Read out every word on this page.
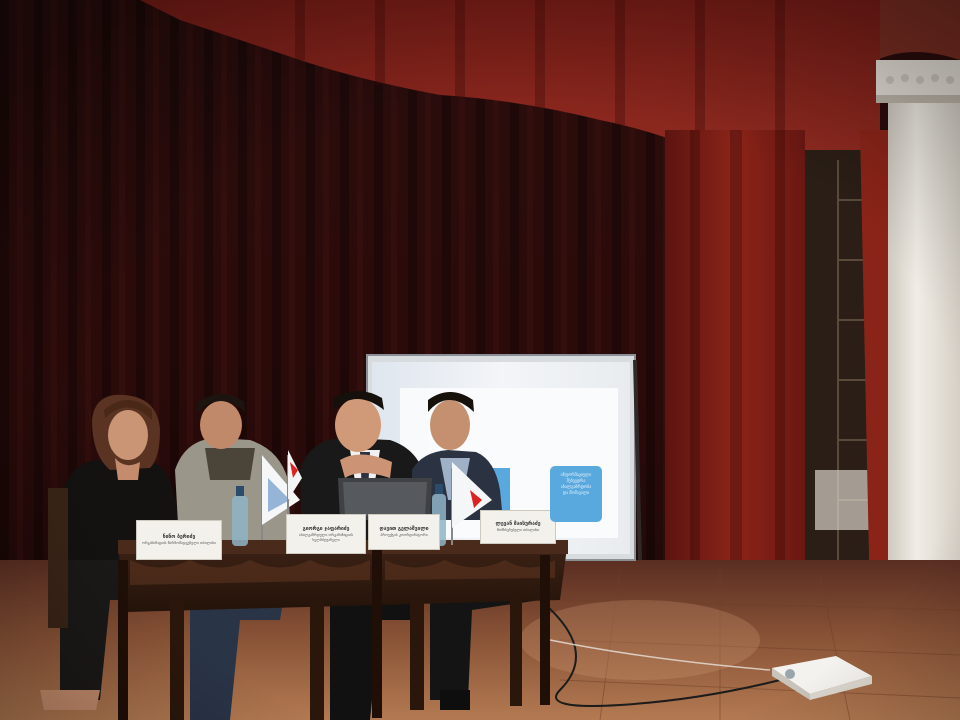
ნინო ბერიძე
ორგანიზაციის წარმომადგენელი თბილისი
გიორგი ჯაფარიძე
ახალგაზრდული ორგანიზაციის ხელმძღვანელი
დავით გელაშვილი
პროექტის კოორდინატორი
ლევან მაისურაძე
მომხსენებელი თბილისი
ინფორმაციული შეხვედრა
ახალგაზრდობა
და მომავალი
